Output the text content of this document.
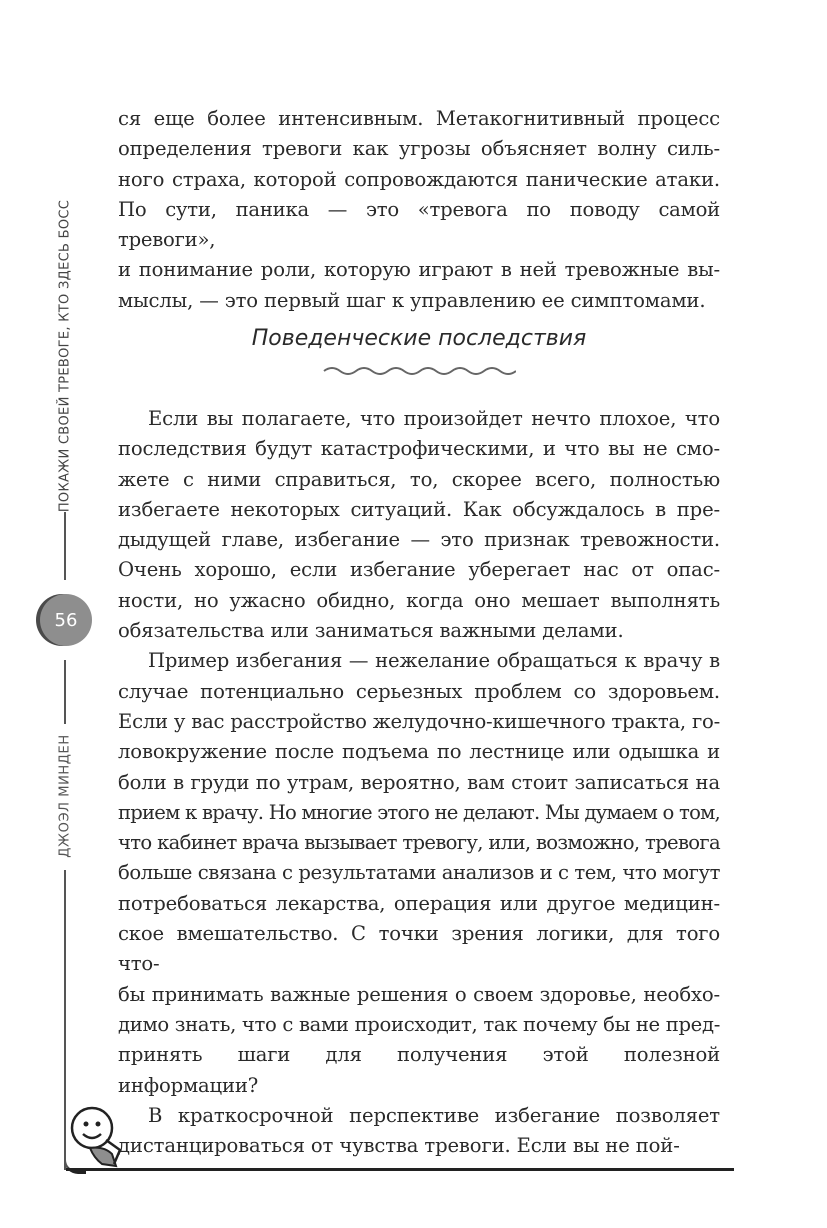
ПОКАЖИ СВОЕЙ ТРЕВОГЕ, КТО ЗДЕСЬ БОСС
56
ДЖОЭЛ МИНДЕН
ся еще более интенсивным. Метакогнитивный процесс
определения тревоги как угрозы объясняет волну силь-
ного страха, которой сопровождаются панические атаки.
По сути, паника — это «тревога по поводу самой тревоги»,
и понимание роли, которую играют в ней тревожные вы-
мыслы, — это первый шаг к управлению ее симптомами.
Поведенческие последствия
Если вы полагаете, что произойдет нечто плохое, что
последствия будут катастрофическими, и что вы не смо-
жете с ними справиться, то, скорее всего, полностью
избегаете некоторых ситуаций. Как обсуждалось в пре-
дыдущей главе, избегание — это признак тревожности.
Очень хорошо, если избегание уберегает нас от опас-
ности, но ужасно обидно, когда оно мешает выполнять
обязательства или заниматься важными делами.
Пример избегания — нежелание обращаться к врачу в
случае потенциально серьезных проблем со здоровьем.
Если у вас расстройство желудочно-кишечного тракта, го-
ловокружение после подъема по лестнице или одышка и
боли в груди по утрам, вероятно, вам стоит записаться на
прием к врачу. Но многие этого не делают. Мы думаем о том,
что кабинет врача вызывает тревогу, или, возможно, тревога
больше связана с результатами анализов и с тем, что могут
потребоваться лекарства, операция или другое медицин-
ское вмешательство. С точки зрения логики, для того что-
бы принимать важные решения о своем здоровье, необхо-
димо знать, что с вами происходит, так почему бы не пред-
принять шаги для получения этой полезной информации?
В краткосрочной перспективе избегание позволяет
дистанцироваться от чувства тревоги. Если вы не пой-
